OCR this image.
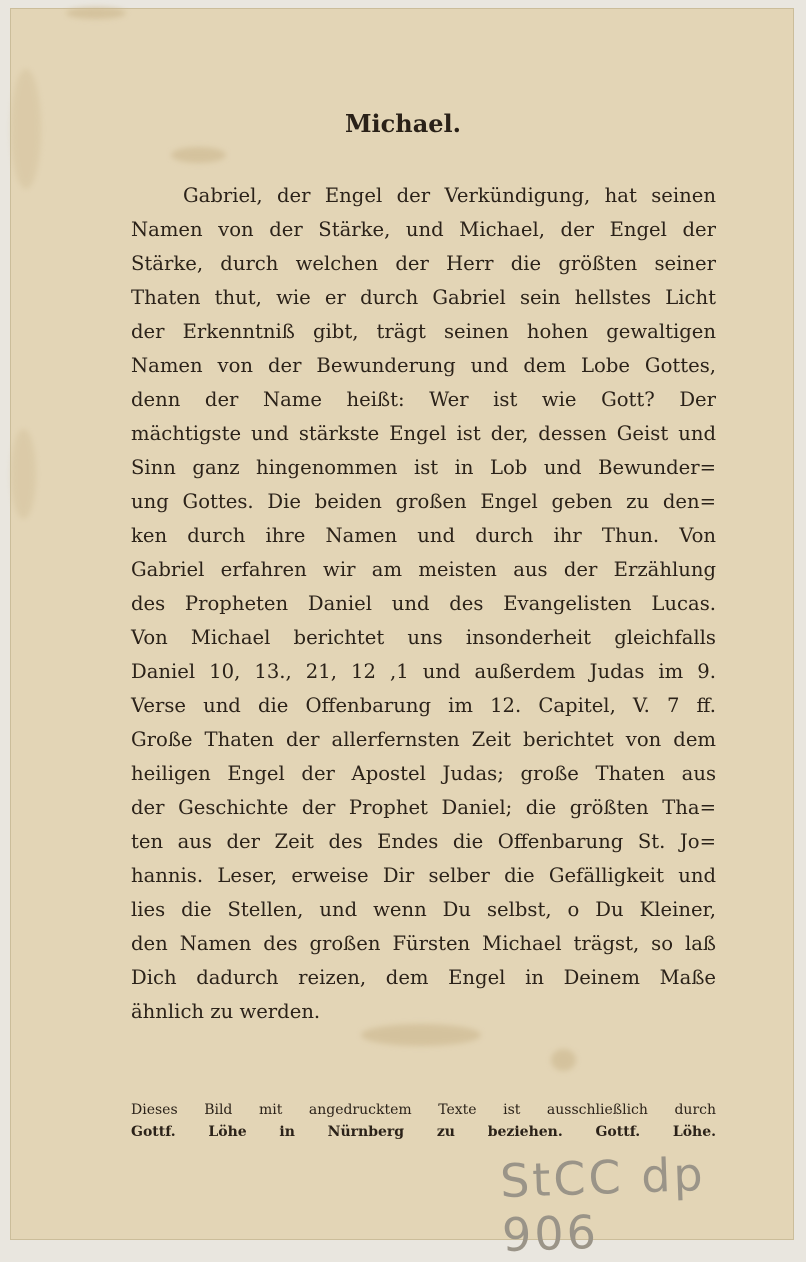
Michael.
Gabriel, der Engel der Verkündigung, hat seinen
Namen von der Stärke, und Michael, der Engel der
Stärke, durch welchen der Herr die größten seiner
Thaten thut, wie er durch Gabriel sein hellstes Licht
der Erkenntniß gibt, trägt seinen hohen gewaltigen
Namen von der Bewunderung und dem Lobe Gottes,
denn der Name heißt: Wer ist wie Gott? Der
mächtigste und stärkste Engel ist der, dessen Geist und
Sinn ganz hingenommen ist in Lob und Bewunder=
ung Gottes. Die beiden großen Engel geben zu den=
ken durch ihre Namen und durch ihr Thun. Von
Gabriel erfahren wir am meisten aus der Erzählung
des Propheten Daniel und des Evangelisten Lucas.
Von Michael berichtet uns insonderheit gleichfalls
Daniel 10, 13., 21, 12 ,1 und außerdem Judas im 9.
Verse und die Offenbarung im 12. Capitel, V. 7 ff.
Große Thaten der allerfernsten Zeit berichtet von dem
heiligen Engel der Apostel Judas; große Thaten aus
der Geschichte der Prophet Daniel; die größten Tha=
ten aus der Zeit des Endes die Offenbarung St. Jo=
hannis. Leser, erweise Dir selber die Gefälligkeit und
lies die Stellen, und wenn Du selbst, o Du Kleiner,
den Namen des großen Fürsten Michael trägst, so laß
Dich dadurch reizen, dem Engel in Deinem Maße
ähnlich zu werden.
Dieses Bild mit angedrucktem Texte ist ausschließlich durch
Gottf. Löhe in Nürnberg zu beziehen. Gottf. Löhe.
StCC dp 906
